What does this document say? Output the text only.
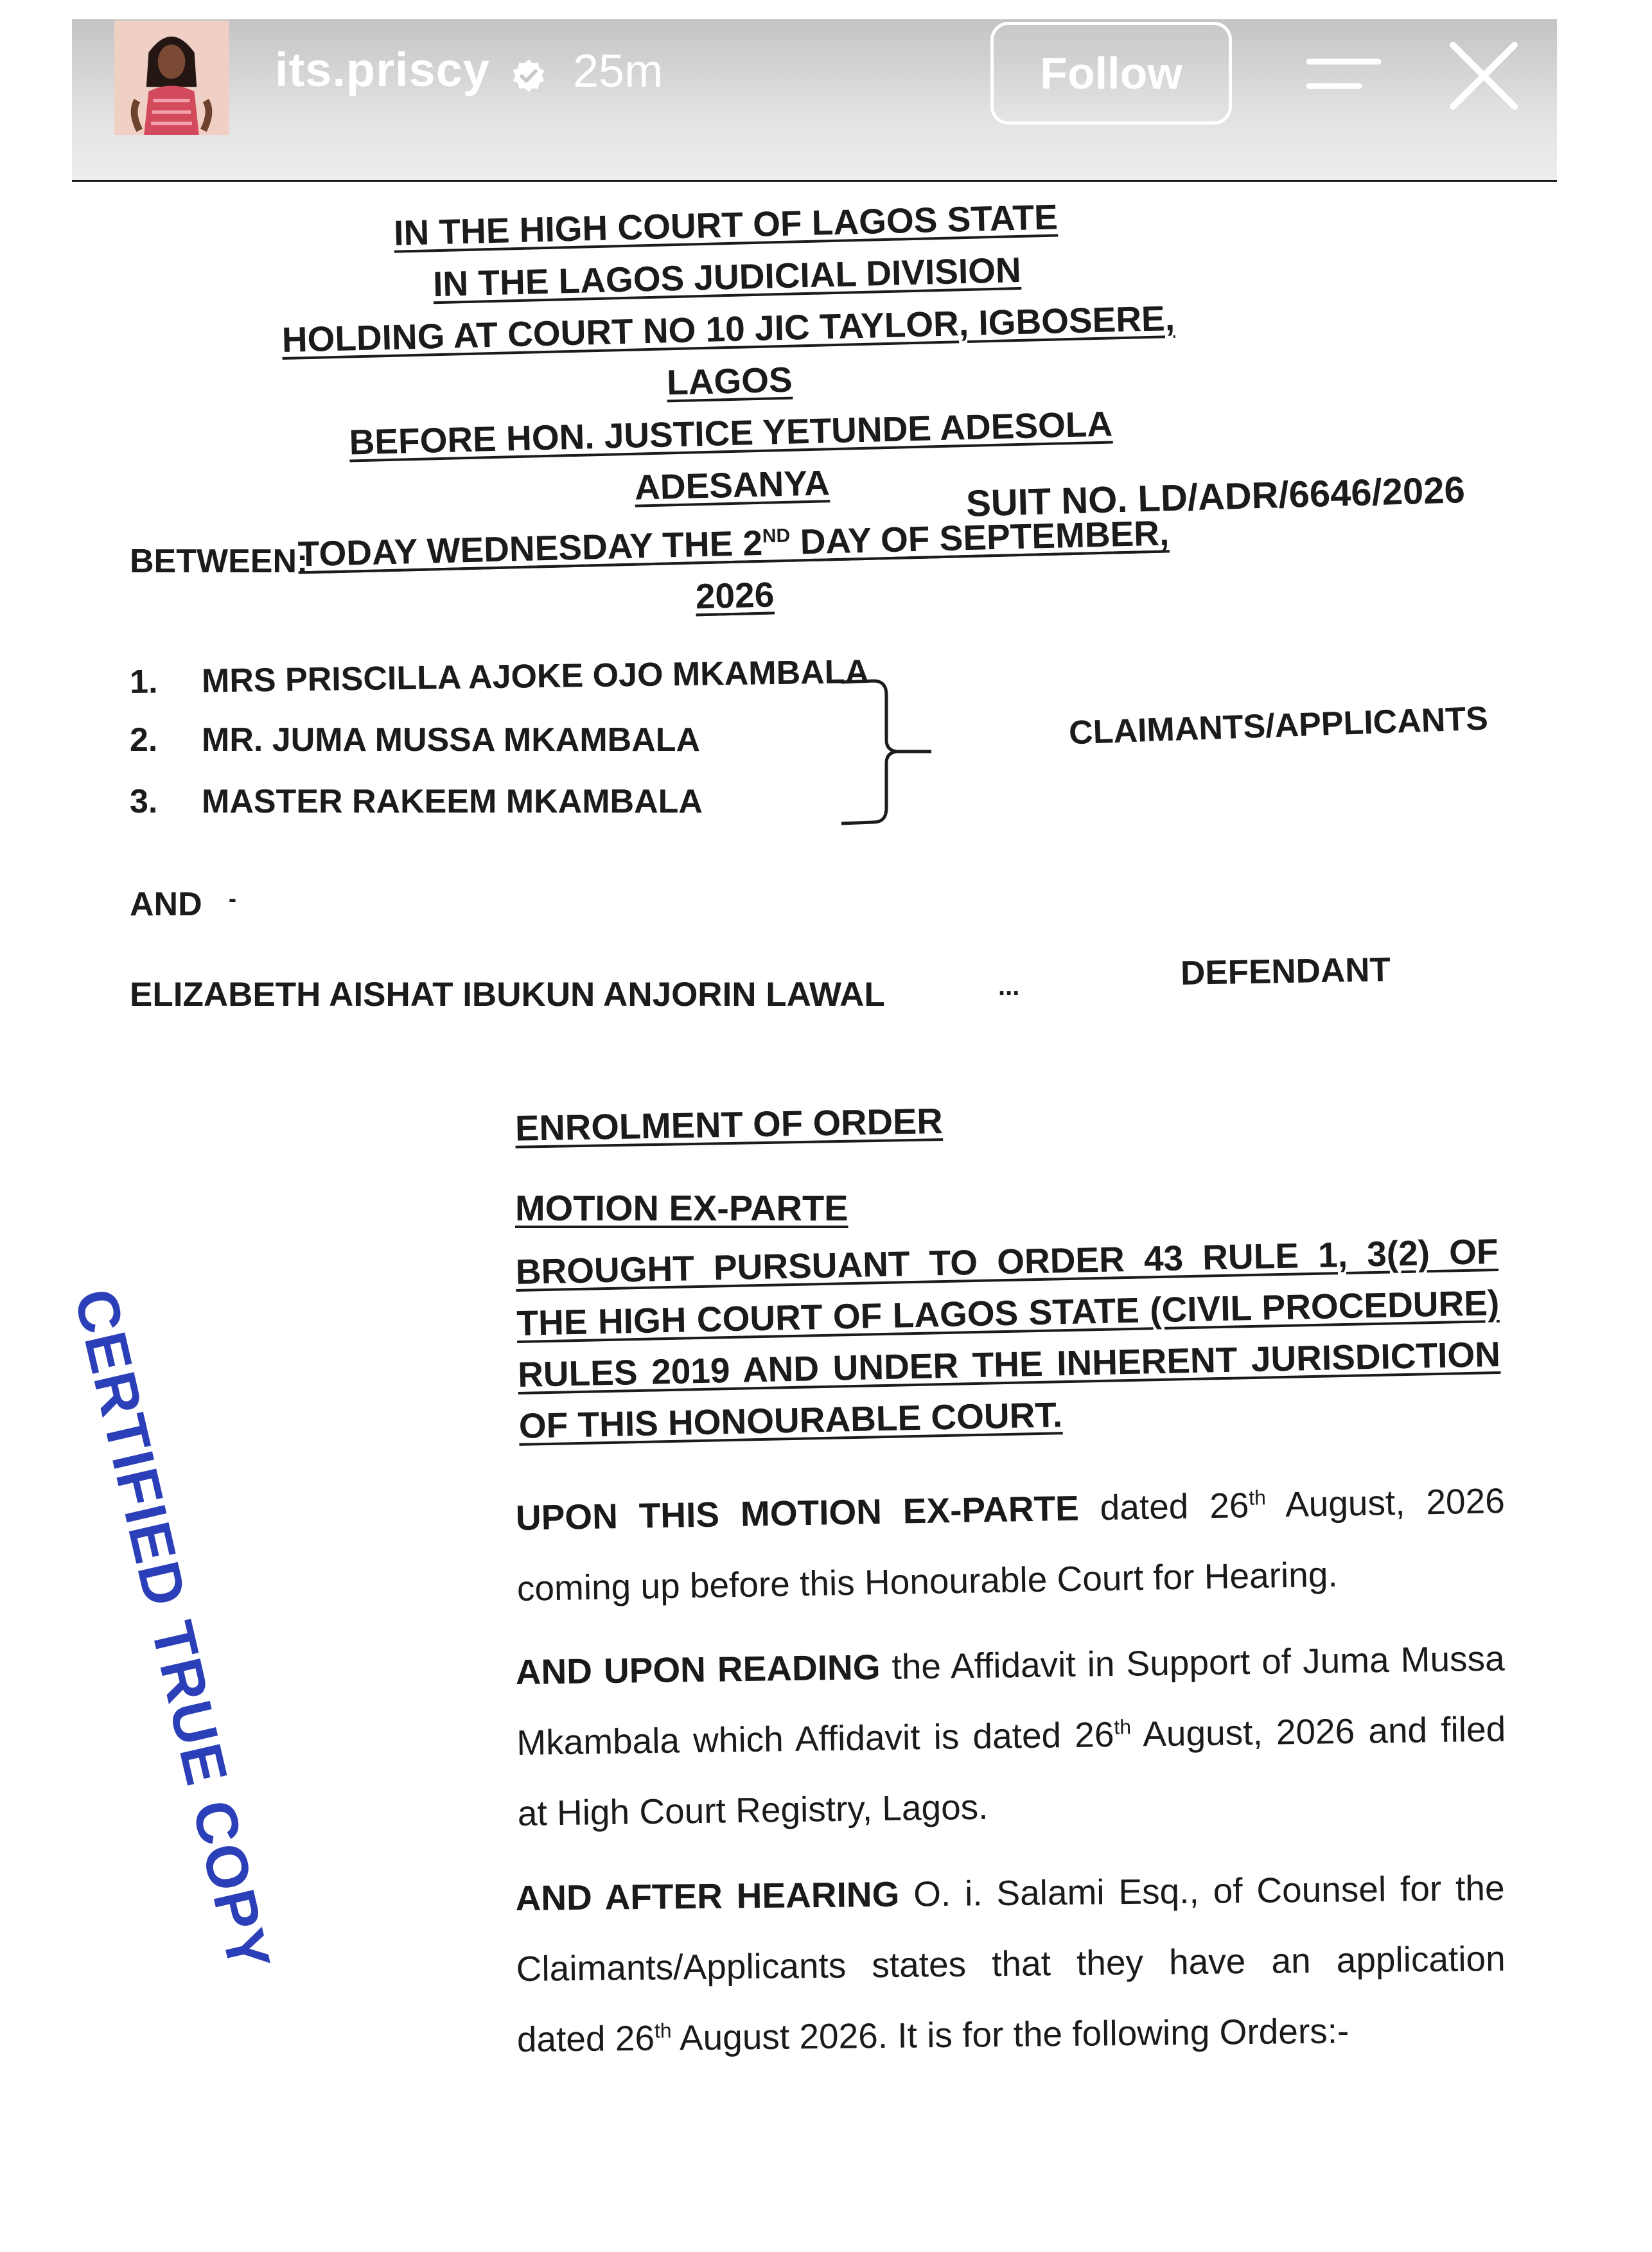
its.priscy 25m	Follow
IN THE HIGH COURT OF LAGOS STATE
IN THE LAGOS JUDICIAL DIVISION
HOLDING AT COURT NO 10 JIC TAYLOR, IGBOSERE, LAGOS
BEFORE HON. JUSTICE YETUNDE ADESOLA ADESANYA
TODAY WEDNESDAY THE 2ND DAY OF SEPTEMBER, 2026
SUIT NO. LD/ADR/6646/2026
BETWEEN:
1. MRS PRISCILLA AJOKE OJO MKAMBALA
2. MR. JUMA MUSSA MKAMBALA
3. MASTER RAKEEM MKAMBALA
CLAIMANTS/APPLICANTS
AND -
ELIZABETH AISHAT IBUKUN ANJORIN LAWAL	...	DEFENDANT
ENROLMENT OF ORDER
MOTION EX-PARTE
BROUGHT PURSUANT TO ORDER 43 RULE 1, 3(2) OF
THE HIGH COURT OF LAGOS STATE (CIVIL PROCEDURE)
RULES 2019 AND UNDER THE INHERENT JURISDICTION
OF THIS HONOURABLE COURT.
UPON THIS MOTION EX-PARTE dated 26th August, 2026 coming up before this Honourable Court for Hearing.
AND UPON READING the Affidavit in Support of Juma Mussa Mkambala which Affidavit is dated 26th August, 2026 and filed at High Court Registry, Lagos.
AND AFTER HEARING O. i. Salami Esq., of Counsel for the Claimants/Applicants states that they have an application dated 26th August 2026. It is for the following Orders:-
CERTIFIED TRUE COPY
